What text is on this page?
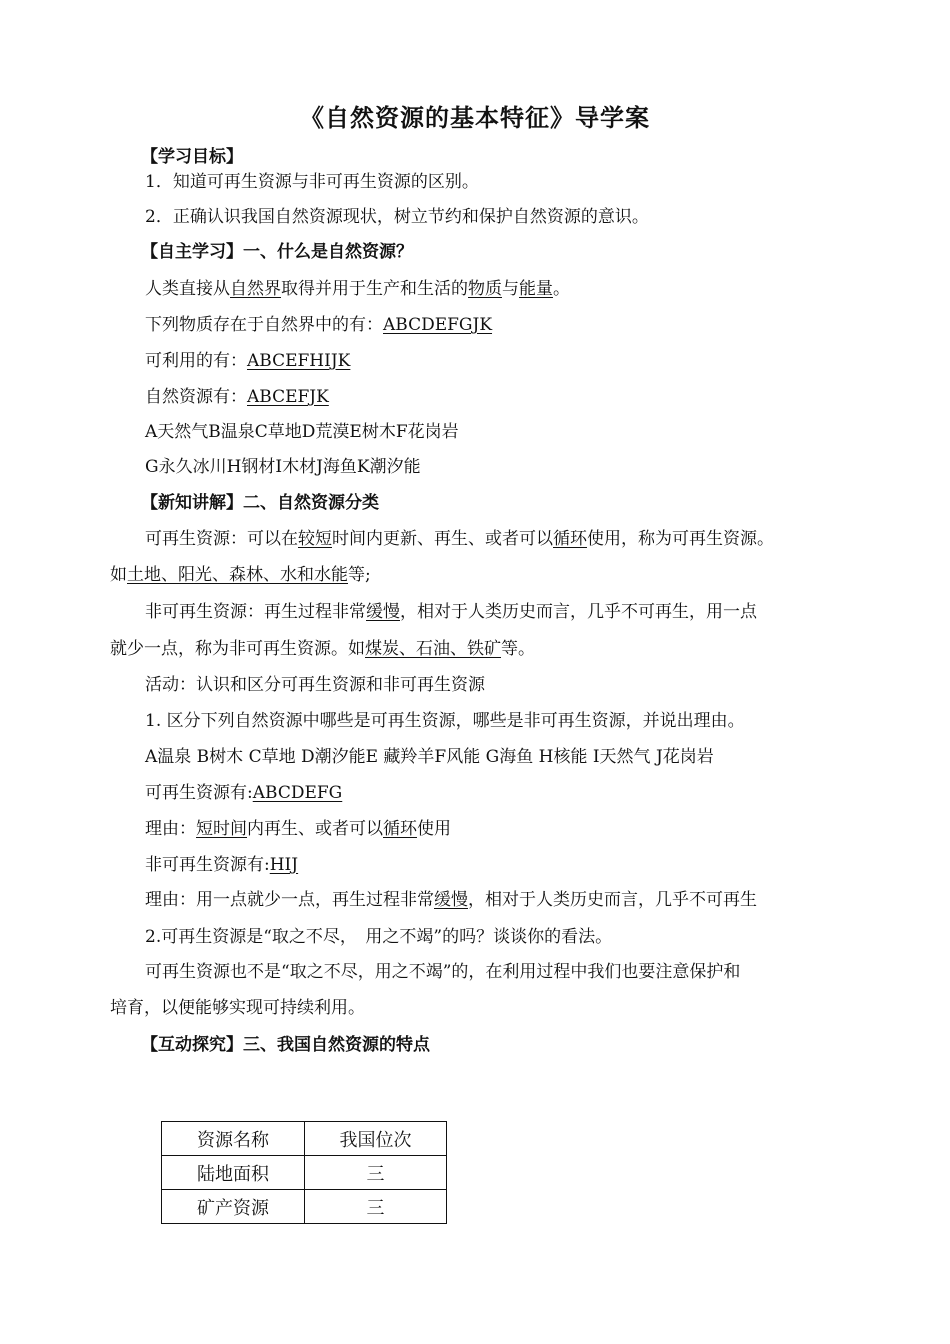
《自然资源的基本特征》导学案
【学习目标】
1．知道可再生资源与非可再生资源的区别。
2．正确认识我国自然资源现状，树立节约和保护自然资源的意识。
【自主学习】一、什么是自然资源？
人类直接从自然界取得并用于生产和生活的物质与能量。
下列物质存在于自然界中的有：ABCDEFGJK
可利用的有：ABCEFHIJK
自然资源有：ABCEFJK
A天然气B温泉C草地D荒漠E树木F花岗岩
G永久冰川H钢材I木材J海鱼K潮汐能
【新知讲解】二、自然资源分类
可再生资源：可以在较短时间内更新、再生、或者可以循环使用，称为可再生资源。
如土地、阳光、森林、水和水能等;
非可再生资源：再生过程非常缓慢，相对于人类历史而言，几乎不可再生，用一点
就少一点，称为非可再生资源。如煤炭、石油、铁矿等。
活动：认识和区分可再生资源和非可再生资源
1. 区分下列自然资源中哪些是可再生资源，哪些是非可再生资源，并说出理由。
A温泉 B树木 C草地 D潮汐能E 藏羚羊F风能 G海鱼 H核能 I天然气 J花岗岩
可再生资源有:ABCDEFG
理由：短时间内再生、或者可以循环使用
非可再生资源有:HIJ
理由：用一点就少一点，再生过程非常缓慢，相对于人类历史而言，几乎不可再生
2.可再生资源是“取之不尽，　用之不竭”的吗？谈谈你的看法。
可再生资源也不是“取之不尽，用之不竭”的，在利用过程中我们也要注意保护和
培育，以便能够实现可持续利用。
【互动探究】三、我国自然资源的特点
资源名称	我国位次
陆地面积	三
矿产资源	三
